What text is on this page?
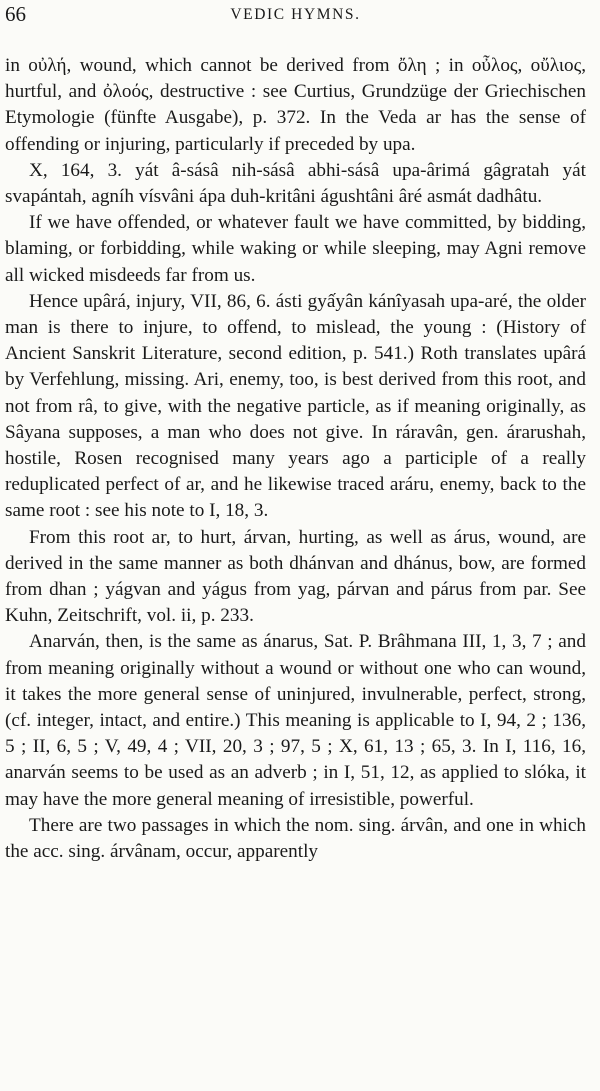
66	VEDIC HYMNS.

in οὐλή, wound, which cannot be derived from ὄλη ; in οὖλος, οὔλιος, hurtful, and ὀλοός, destructive : see Curtius, Grundzüge der Griechischen Etymologie (fünfte Ausgabe), p. 372. In the Veda ar has the sense of offending or injuring, particularly if preceded by upa.

X, 164, 3. yát â-sásâ nih-sásâ abhi-sásâ upa-ârimá gâgratah yát svapántah, agníh vísvâni ápa duh-kritâni águshtâni âré asmát dadhâtu.

If we have offended, or whatever fault we have committed, by bidding, blaming, or forbidding, while waking or while sleeping, may Agni remove all wicked misdeeds far from us.

Hence upârá, injury, VII, 86, 6. ásti gyấyân kánîyasah upa-aré, the older man is there to injure, to offend, to mislead, the young : (History of Ancient Sanskrit Literature, second edition, p. 541.) Roth translates upârá by Verfehlung, missing. Ari, enemy, too, is best derived from this root, and not from râ, to give, with the negative particle, as if meaning originally, as Sâyana supposes, a man who does not give. In ráravân, gen. árarushah, hostile, Rosen recognised many years ago a participle of a really reduplicated perfect of ar, and he likewise traced aráru, enemy, back to the same root : see his note to I, 18, 3.

From this root ar, to hurt, árvan, hurting, as well as árus, wound, are derived in the same manner as both dhánvan and dhánus, bow, are formed from dhan ; yágvan and yágus from yag, párvan and párus from par. See Kuhn, Zeitschrift, vol. ii, p. 233.

Anarván, then, is the same as ánarus, Sat. P. Brâhmana III, 1, 3, 7 ; and from meaning originally without a wound or without one who can wound, it takes the more general sense of uninjured, invulnerable, perfect, strong, (cf. integer, intact, and entire.) This meaning is applicable to I, 94, 2 ; 136, 5 ; II, 6, 5 ; V, 49, 4 ; VII, 20, 3 ; 97, 5 ; X, 61, 13 ; 65, 3. In I, 116, 16, anarván seems to be used as an adverb ; in I, 51, 12, as applied to slóka, it may have the more general meaning of irresistible, powerful.

There are two passages in which the nom. sing. árvân, and one in which the acc. sing. árvânam, occur, apparently
